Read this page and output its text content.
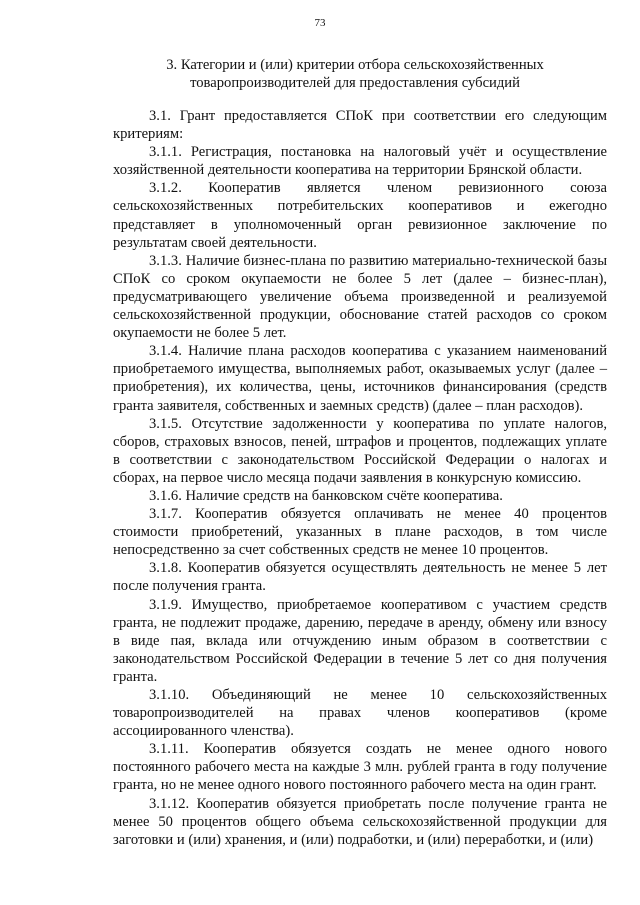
73
3. Категории и (или) критерии отбора сельскохозяйственных
товаропроизводителей для предоставления субсидий

3.1. Грант предоставляется СПоК при соответствии его следующим критериям:

3.1.1. Регистрация, постановка на налоговый учёт и осуществление хозяйственной деятельности кооператива на территории Брянской области.

3.1.2. Кооператив является членом ревизионного союза сельскохозяйственных потребительских кооперативов и ежегодно представляет в уполномоченный орган ревизионное заключение по результатам своей деятельности.

3.1.3. Наличие бизнес-плана по развитию материально-технической базы СПоК со сроком окупаемости не более 5 лет (далее – бизнес-план), предусматривающего увеличение объема произведенной и реализуемой сельскохозяйственной продукции, обоснование статей расходов со сроком окупаемости не более 5 лет.

3.1.4. Наличие плана расходов кооператива с указанием наименований приобретаемого имущества, выполняемых работ, оказываемых услуг (далее – приобретения), их количества, цены, источников финансирования (средств гранта заявителя, собственных и заемных средств) (далее – план расходов).

3.1.5. Отсутствие задолженности у кооператива по уплате налогов, сборов, страховых взносов, пеней, штрафов и процентов, подлежащих уплате в соответствии с законодательством Российской Федерации о налогах и сборах, на первое число месяца подачи заявления в конкурсную комиссию.

3.1.6. Наличие средств на банковском счёте кооператива.

3.1.7. Кооператив обязуется оплачивать не менее 40 процентов стоимости приобретений, указанных в плане расходов, в том числе непосредственно за счет собственных средств не менее 10 процентов.

3.1.8. Кооператив обязуется осуществлять деятельность не менее 5 лет после получения гранта.

3.1.9. Имущество, приобретаемое кооперативом с участием средств гранта, не подлежит продаже, дарению, передаче в аренду, обмену или взносу в виде пая, вклада или отчуждению иным образом в соответствии с законодательством Российской Федерации в течение 5 лет со дня получения гранта.

3.1.10. Объединяющий не менее 10 сельскохозяйственных товаропроизводителей на правах членов кооперативов (кроме ассоциированного членства).

3.1.11. Кооператив обязуется создать не менее одного нового постоянного рабочего места на каждые 3 млн. рублей гранта в году получение гранта, но не менее одного нового постоянного рабочего места на один грант.

3.1.12. Кооператив обязуется приобретать после получение гранта не менее 50 процентов общего объема сельскохозяйственной продукции для заготовки и (или) хранения, и (или) подработки, и (или) переработки, и (или)
